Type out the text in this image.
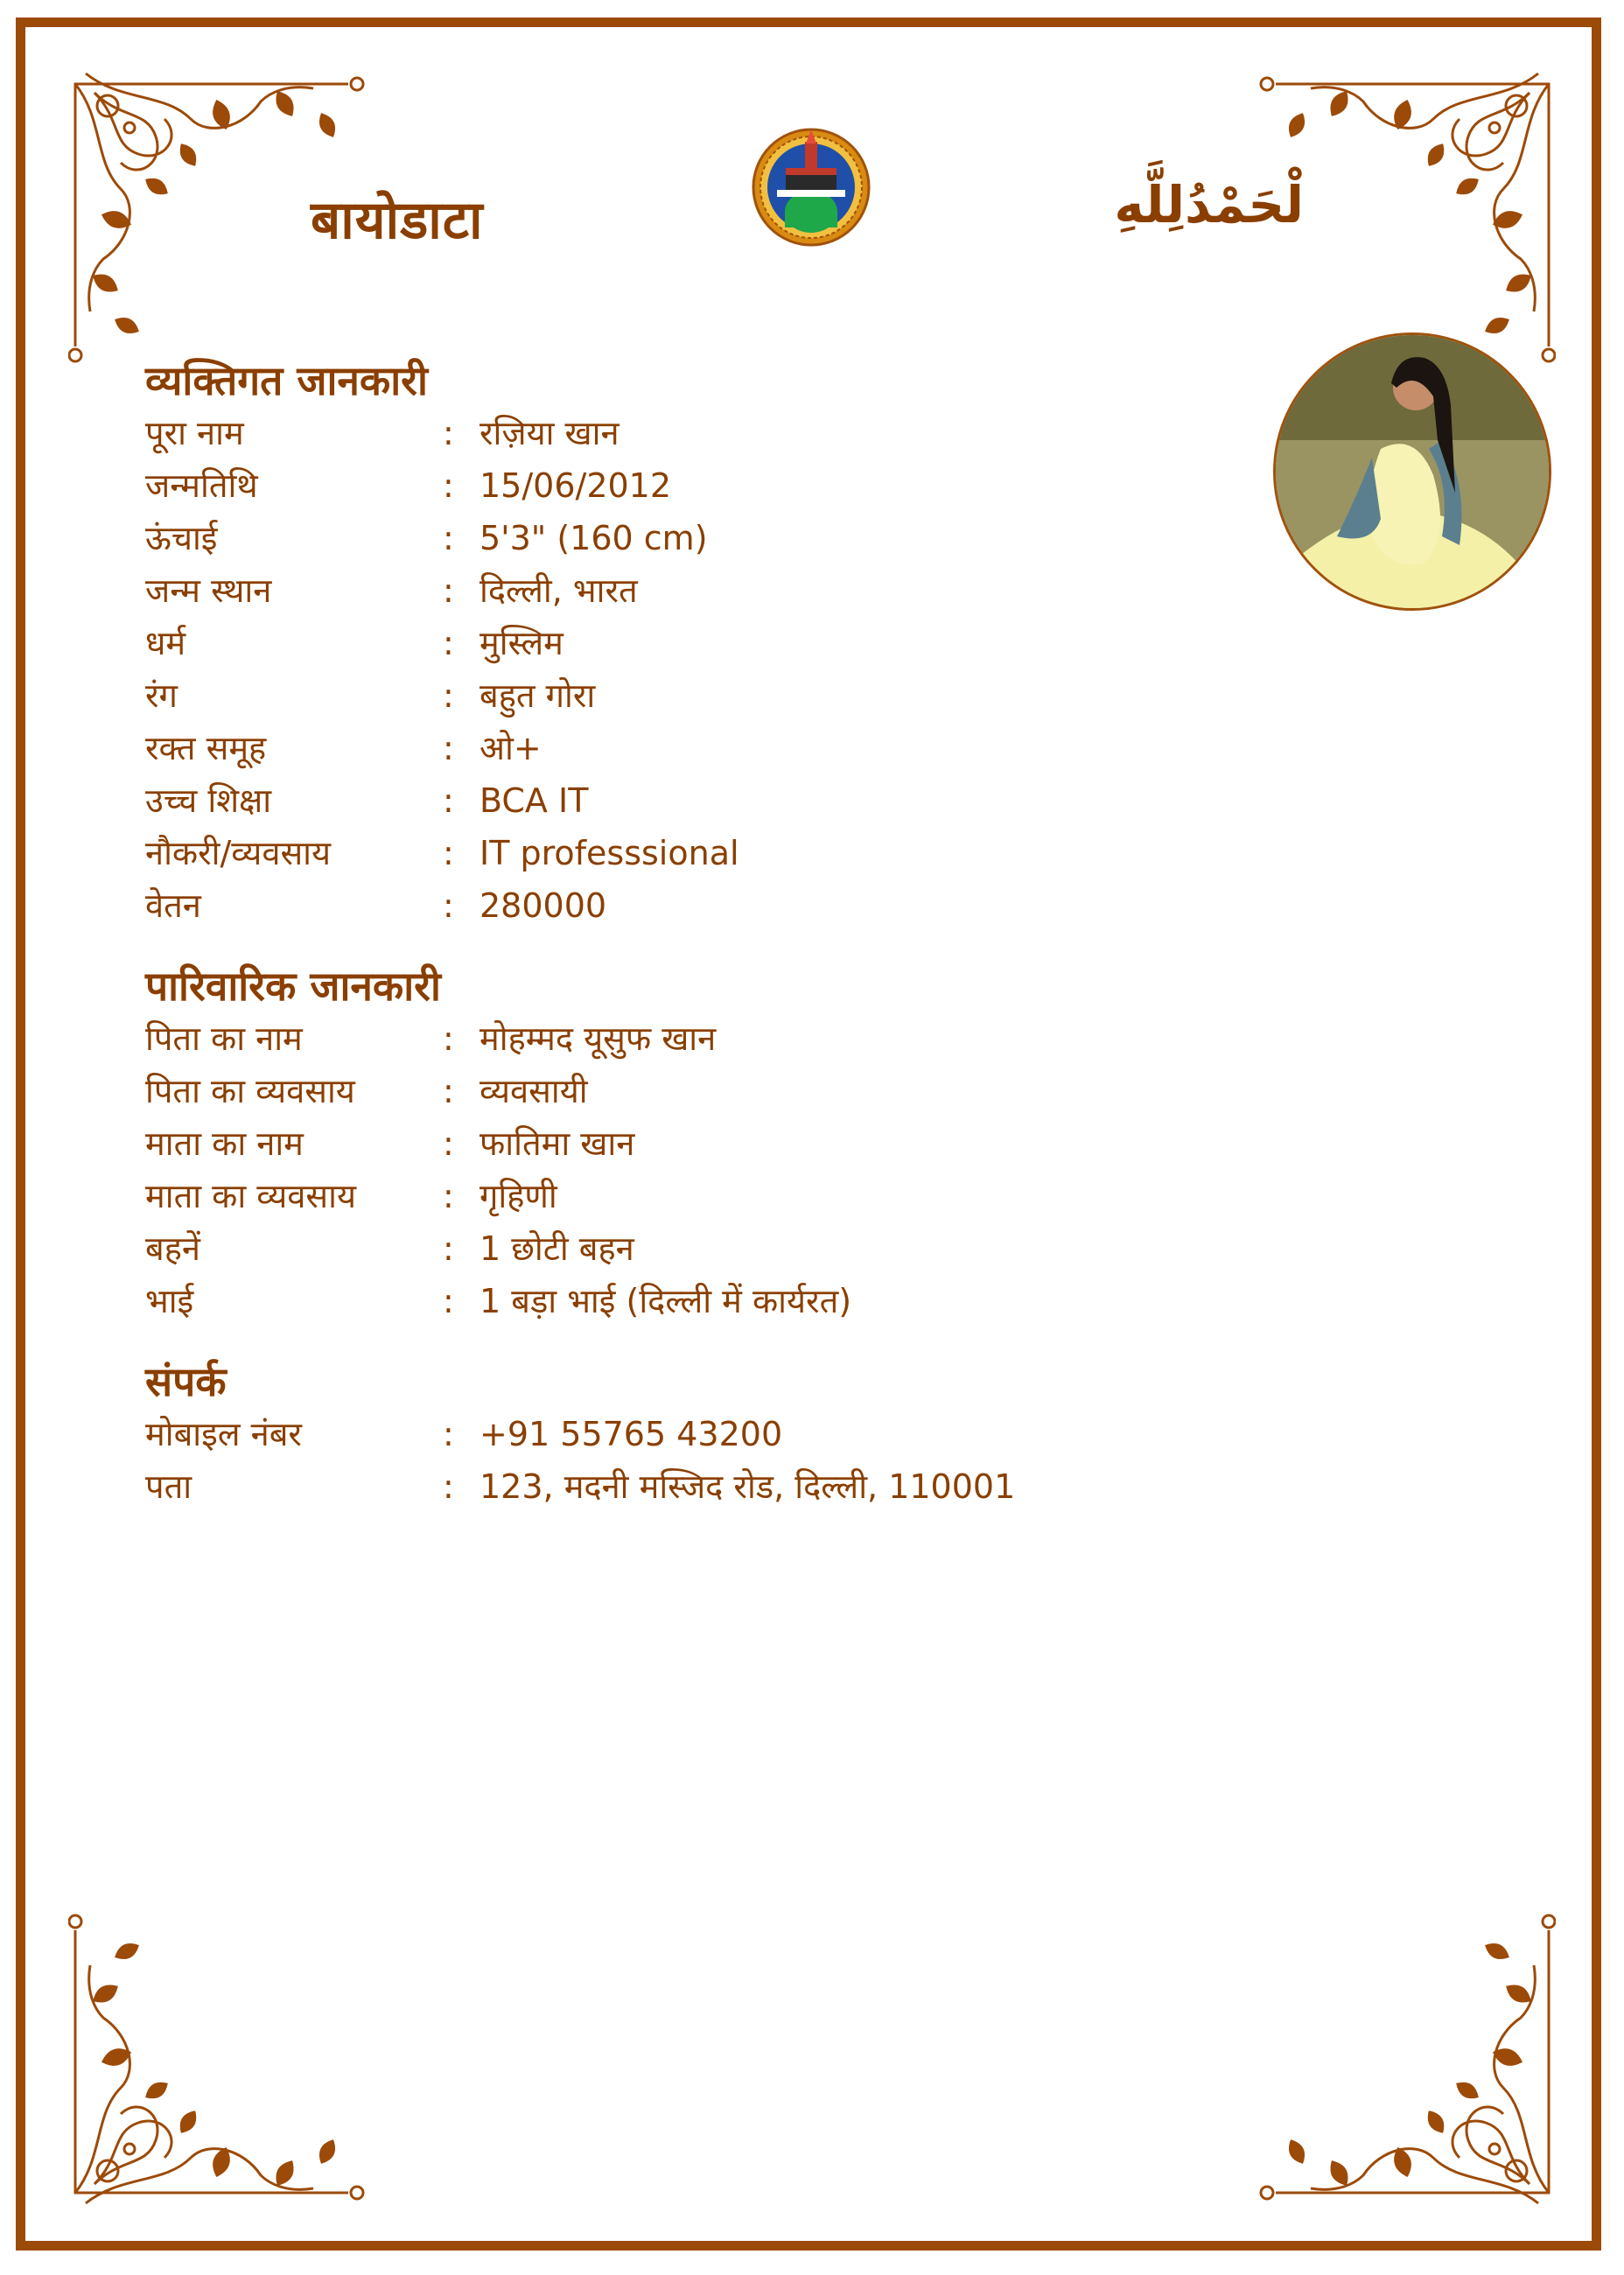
बायोडाटा	لْحَمْدُلِلَّهِ
व्यक्तिगत जानकारी
पूरा नाम	: रज़िया खान
जन्मतिथि	: 15/06/2012
ऊंचाई	: 5'3" (160 cm)
जन्म स्थान	: दिल्ली, भारत
धर्म	: मुस्लिम
रंग	: बहुत गोरा
रक्त समूह	: ओ+
उच्च शिक्षा	: BCA IT
नौकरी/व्यवसाय	: IT professsional
वेतन	: 280000
पारिवारिक जानकारी
पिता का नाम	: मोहम्मद यूसुफ खान
पिता का व्यवसाय	: व्यवसायी
माता का नाम	: फातिमा खान
माता का व्यवसाय	: गृहिणी
बहनें	: 1 छोटी बहन
भाई	: 1 बड़ा भाई (दिल्ली में कार्यरत)
संपर्क
मोबाइल नंबर	: +91 55765 43200
पता	: 123, मदनी मस्जिद रोड, दिल्ली, 110001
